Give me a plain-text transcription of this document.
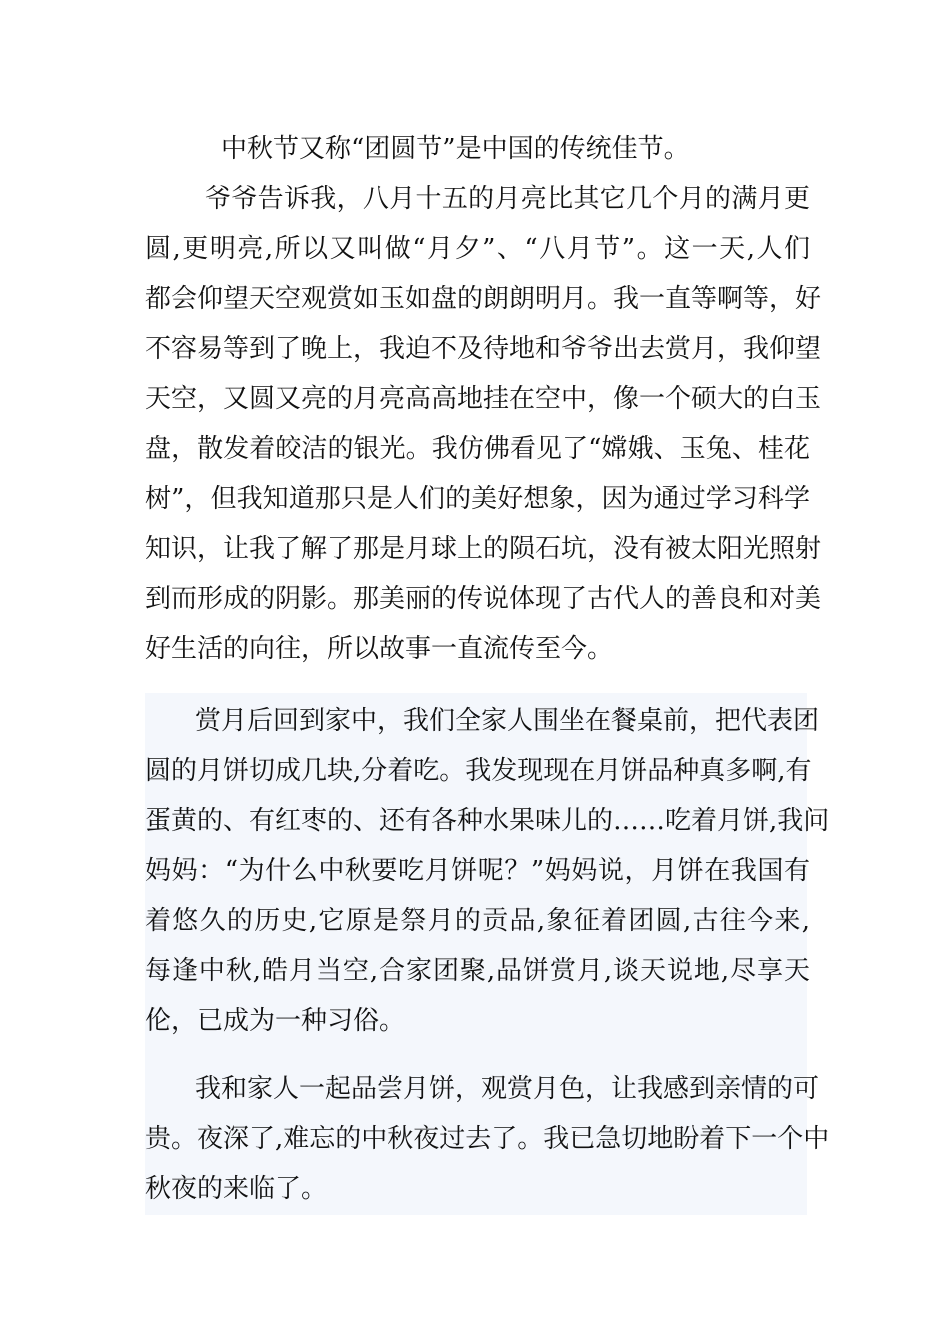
中秋节又称“团圆节”是中国的传统佳节。
爷爷告诉我，八月十五的月亮比其它几个月的满月更
圆,更明亮,所以又叫做“月夕”、“八月节”。这一天,人们
都会仰望天空观赏如玉如盘的朗朗明月。我一直等啊等，好
不容易等到了晚上，我迫不及待地和爷爷出去赏月，我仰望
天空，又圆又亮的月亮高高地挂在空中，像一个硕大的白玉
盘，散发着皎洁的银光。我仿佛看见了“嫦娥、玉兔、桂花
树”，但我知道那只是人们的美好想象，因为通过学习科学
知识，让我了解了那是月球上的陨石坑，没有被太阳光照射
到而形成的阴影。那美丽的传说体现了古代人的善良和对美
好生活的向往，所以故事一直流传至今。
赏月后回到家中，我们全家人围坐在餐桌前，把代表团
圆的月饼切成几块,分着吃。我发现现在月饼品种真多啊,有
蛋黄的、有红枣的、还有各种水果味儿的……吃着月饼,我问
妈妈：“为什么中秋要吃月饼呢？”妈妈说，月饼在我国有
着悠久的历史,它原是祭月的贡品,象征着团圆,古往今来,
每逢中秋,皓月当空,合家团聚,品饼赏月,谈天说地,尽享天
伦，已成为一种习俗。
我和家人一起品尝月饼，观赏月色，让我感到亲情的可
贵。夜深了,难忘的中秋夜过去了。我已急切地盼着下一个中
秋夜的来临了。
